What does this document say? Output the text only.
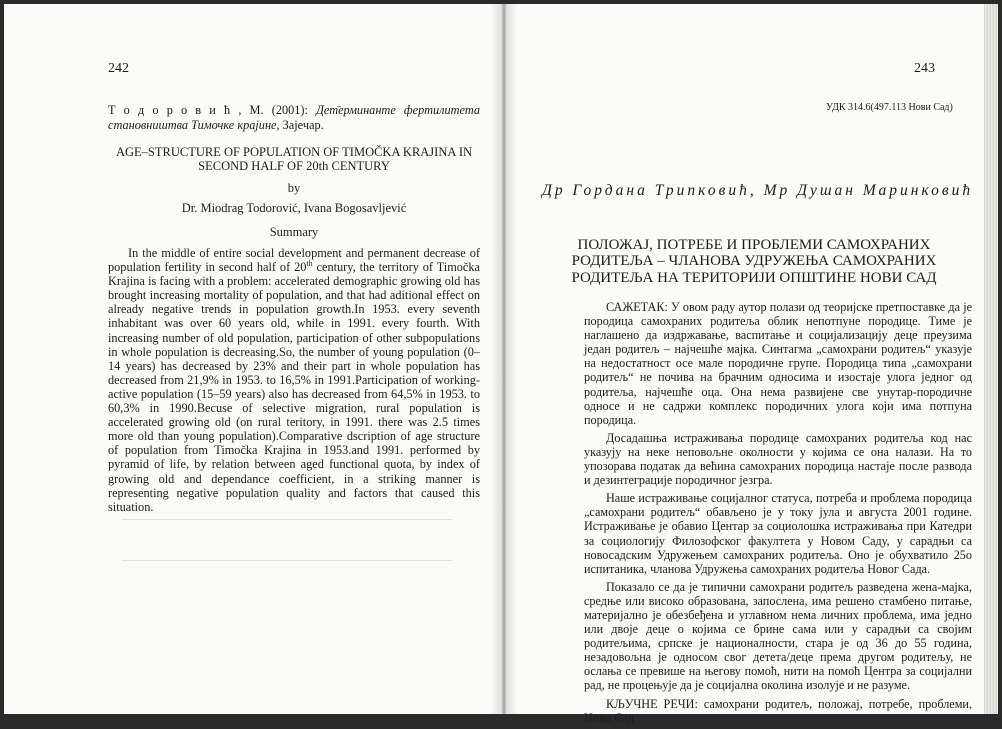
242
Т о д о р о в и ћ , М. (2001): Дет̄ерминанте фертилитета становништва Тимочке крајине, Зајечар.
AGE–STRUCTURE OF POPULATION OF TIMOČKA KRAJINA IN SECOND HALF OF 20th CENTURY
by
Dr. Miodrag Todorović, Ivana Bogosavljević
Summary
In the middle of entire social development and permanent decrease of population fertility in second half of 20th century, the territory of Timočka Krajina is facing with a problem: accelerated demographic growing old has brought increasing mortality of population, and that had aditional effect on already negative trends in population growth.In 1953. every seventh inhabitant was over 60 years old, while in 1991. every fourth. With increasing number of old population, participation of other subpopulations in whole population is decreasing.So, the number of young population (0–14 years) has decreased by 23% and their part in whole population has decreased from 21,9% in 1953. to 16,5% in 1991.Participation of working-active population (15–59 years) also has decreased from 64,5% in 1953. to 60,3% in 1990.Becuse of selective migration, rural population is accelerated growing old (on rural teritory, in 1991. there was 2.5 times more old than young population).Comparative dscription of age structure of population from Timočka Krajina in 1953.and 1991. performed by pyramid of life, by relation between aged functional quota, by index of growing old and dependance coefficient, in a striking manner is representing negative population quality and factors that caused this situation.
243
УДК 314.6(497.113 Нови Сад)
Др Гордана Трипковић, Мр Душан Маринковић
ПОЛОЖАЈ, ПОТРЕБЕ И ПРОБЛЕМИ САМОХРАНИХ РОДИТЕЉА – ЧЛАНОВА УДРУЖЕЊА САМОХРАНИХ РОДИТЕЉА НА ТЕРИТОРИЈИ ОПШТИНЕ НОВИ САД

САЖЕТАК: У овом раду аутор полази од теоријске претпоставке да је породица самохраних родитеља облик непотпуне породице. Тиме је наглашено да издржавање, васпитање и социјализацију деце преузима један родитељ – најчешће мајка. Синтагма „самохрани родитељ“ указује на недостатност осе мале породичне групе. Породица типа „самохрани родитељ“ не почива на брачним односима и изостаје улога једног од родитеља, најчешће оца. Она нема развијене све унутар-породичне односе и не садржи комплекс породичних улога који има потпуна породица.

Досадашња истраживања породице самохраних родитеља код нас указују на неке неповољне околности у којима се она налази. На то упозорава податак да већина самохраних породица настаје после развода и дезинтеграције породичног језгра.

Наше истраживање социјалног статуса, потреба и проблема породица „самохрани родитељ“ обављено је у току јула и августа 2001 године. Истраживање је обавио Центар за социолошка истраживања при Катедри за социологију Филозофског факултета у Новом Саду, у сарадњи са новосадским Удружењем самохраних родитеља. Оно је обухватило 25о испитаника, чланова Удружења самохраних родитеља Новог Сада.

Показало се да је типични самохрани родитељ разведена жена-мајка, средње или високо образована, запослена, има решено стамбено питање, материјално је обезбеђена и углавном нема личних проблема, има једно или двоје деце о којима се брине сама или у сарадњи са својим родитељима, српске је националности, стара је од 36 до 55 година, незадовољна је односом свог детета/деце према другом родитељу, не ослања се превише на његову помоћ, нити на помоћ Центра за социјални рад, не процењује да је социјална околина изолује и не разуме.

КЉУЧНЕ РЕЧИ: самохрани родитељ, положај, потребе, проблеми, Нови Сад
